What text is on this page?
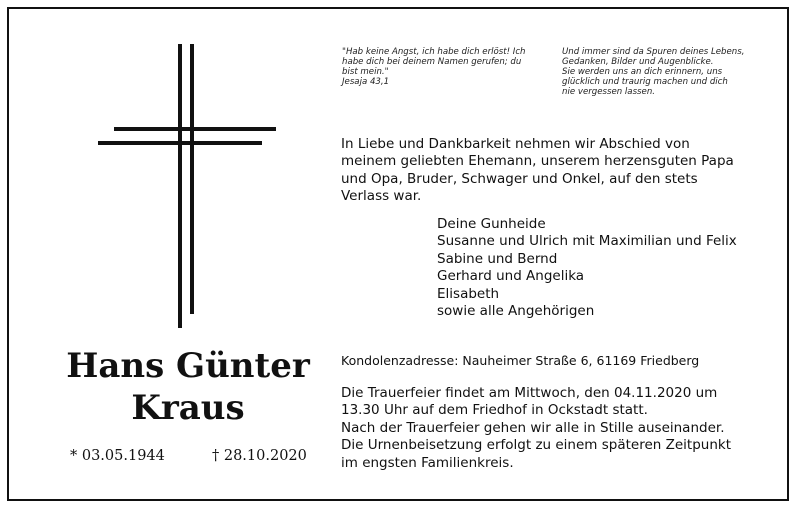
"Hab keine Angst, ich habe dich erlöst! Ich
habe dich bei deinem Namen gerufen; du
bist mein."

Jesaja 43,1

Und immer sind da Spuren deines Lebens,
Gedanken, Bilder und Augenblicke.
Sie werden uns an dich erinnern, uns
glücklich und traurig machen und dich
nie vergessen lassen.

Hans Günter
Kraus
* 03.05.1944	† 28.10.2020

In Liebe und Dankbarkeit nehmen wir Abschied von
meinem geliebten Ehemann, unserem herzensguten Papa
und Opa, Bruder, Schwager und Onkel, auf den stets
Verlass war.

Deine Gunheide
Susanne und Ulrich mit Maximilian und Felix
Sabine und Bernd
Gerhard und Angelika
Elisabeth
sowie alle Angehörigen
Kondolenzadresse: Nauheimer Straße 6, 61169 Friedberg

Die Trauerfeier findet am Mittwoch, den 04.11.2020 um
13.30 Uhr auf dem Friedhof in Ockstadt statt.
Nach der Trauerfeier gehen wir alle in Stille auseinander.
Die Urnenbeisetzung erfolgt zu einem späteren Zeitpunkt
im engsten Familienkreis.
